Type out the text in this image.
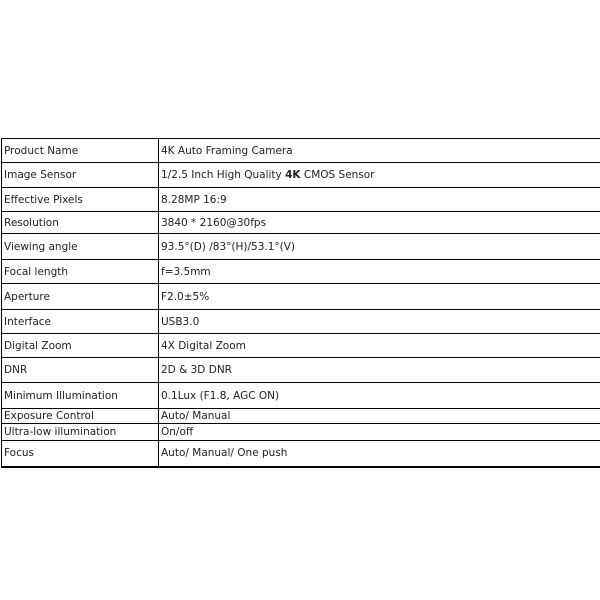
Product Name	4K Auto Framing Camera
Image Sensor	1/2.5 Inch High Quality 4K CMOS Sensor
Effective Pixels	8.28MP 16:9
Resolution	3840 * 2160@30fps
Viewing angle	93.5°(D) /83°(H)/53.1°(V)
Focal length	f=3.5mm
Aperture	F2.0±5%
Interface	USB3.0
Digital Zoom	4X Digital Zoom
DNR	2D & 3D DNR
Minimum Illumination	0.1Lux (F1.8, AGC ON)
Exposure Control	Auto/ Manual
Ultra-low illumination	On/off
Focus	Auto/ Manual/ One push
